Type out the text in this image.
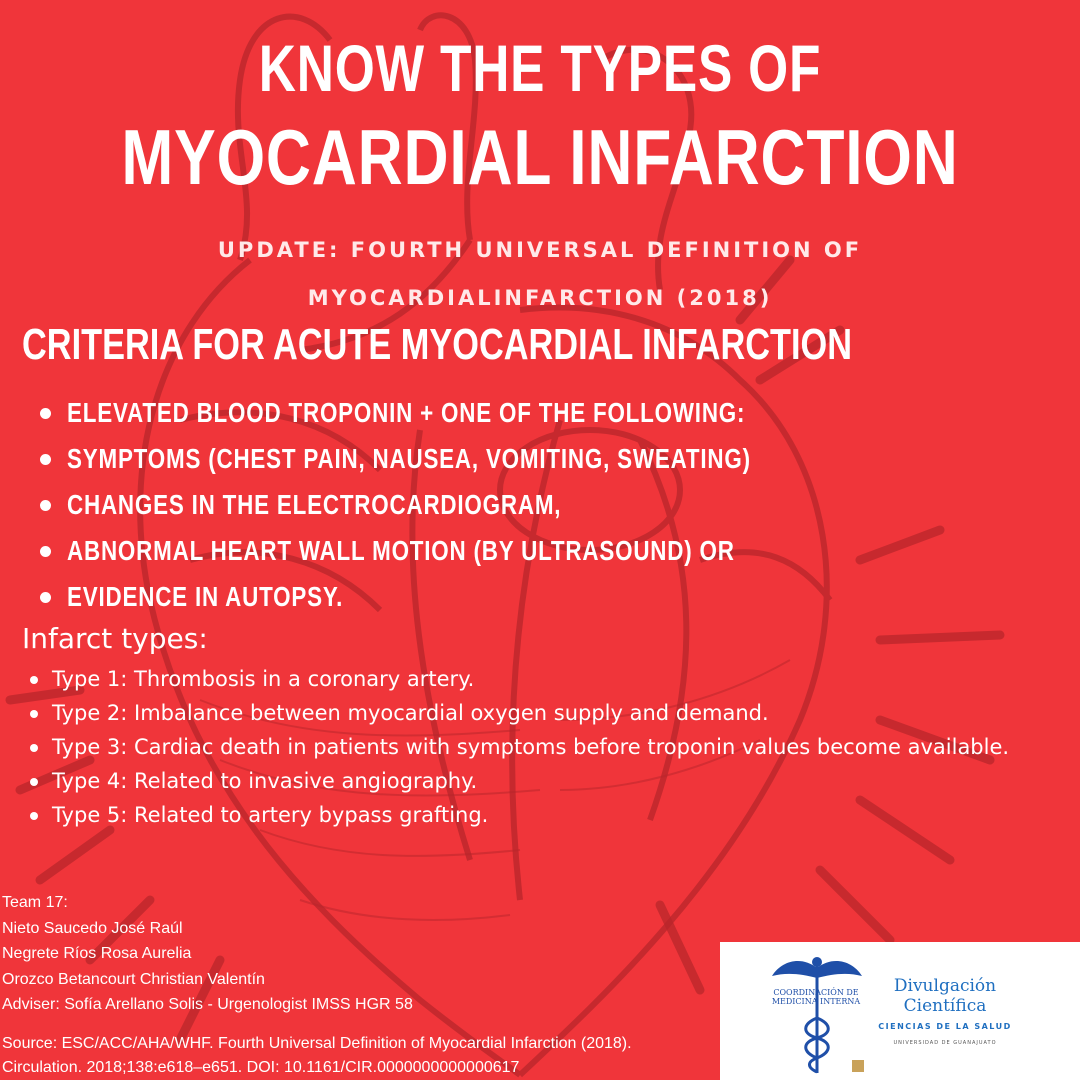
KNOW THE TYPES OF
MYOCARDIAL INFARCTION
UPDATE: FOURTH UNIVERSAL DEFINITION OF
MYOCARDIALINFARCTION (2018)
CRITERIA FOR ACUTE MYOCARDIAL INFARCTION
ELEVATED BLOOD TROPONIN + ONE OF THE FOLLOWING:
SYMPTOMS (CHEST PAIN, NAUSEA, VOMITING, SWEATING)
CHANGES IN THE ELECTROCARDIOGRAM,
ABNORMAL HEART WALL MOTION (BY ULTRASOUND) OR
EVIDENCE IN AUTOPSY.
Infarct types:
Type 1: Thrombosis in a coronary artery.
Type 2: Imbalance between myocardial oxygen supply and demand.
Type 3: Cardiac death in patients with symptoms before troponin values become available.
Type 4: Related to invasive angiography.
Type 5: Related to artery bypass grafting.
Team 17:
Nieto Saucedo José Raúl
Negrete Ríos Rosa Aurelia
Orozco Betancourt Christian Valentín
Adviser: Sofía Arellano Solis - Urgenologist IMSS HGR 58
Source: ESC/ACC/AHA/WHF. Fourth Universal Definition of Myocardial Infarction (2018).
Circulation. 2018;138:e618–e651. DOI: 10.1161/CIR.0000000000000617
COORDINACIÓN DE MEDICINA INTERNA
Divulgación
Científica
CIENCIAS DE LA SALUD
UNIVERSIDAD DE GUANAJUATO
